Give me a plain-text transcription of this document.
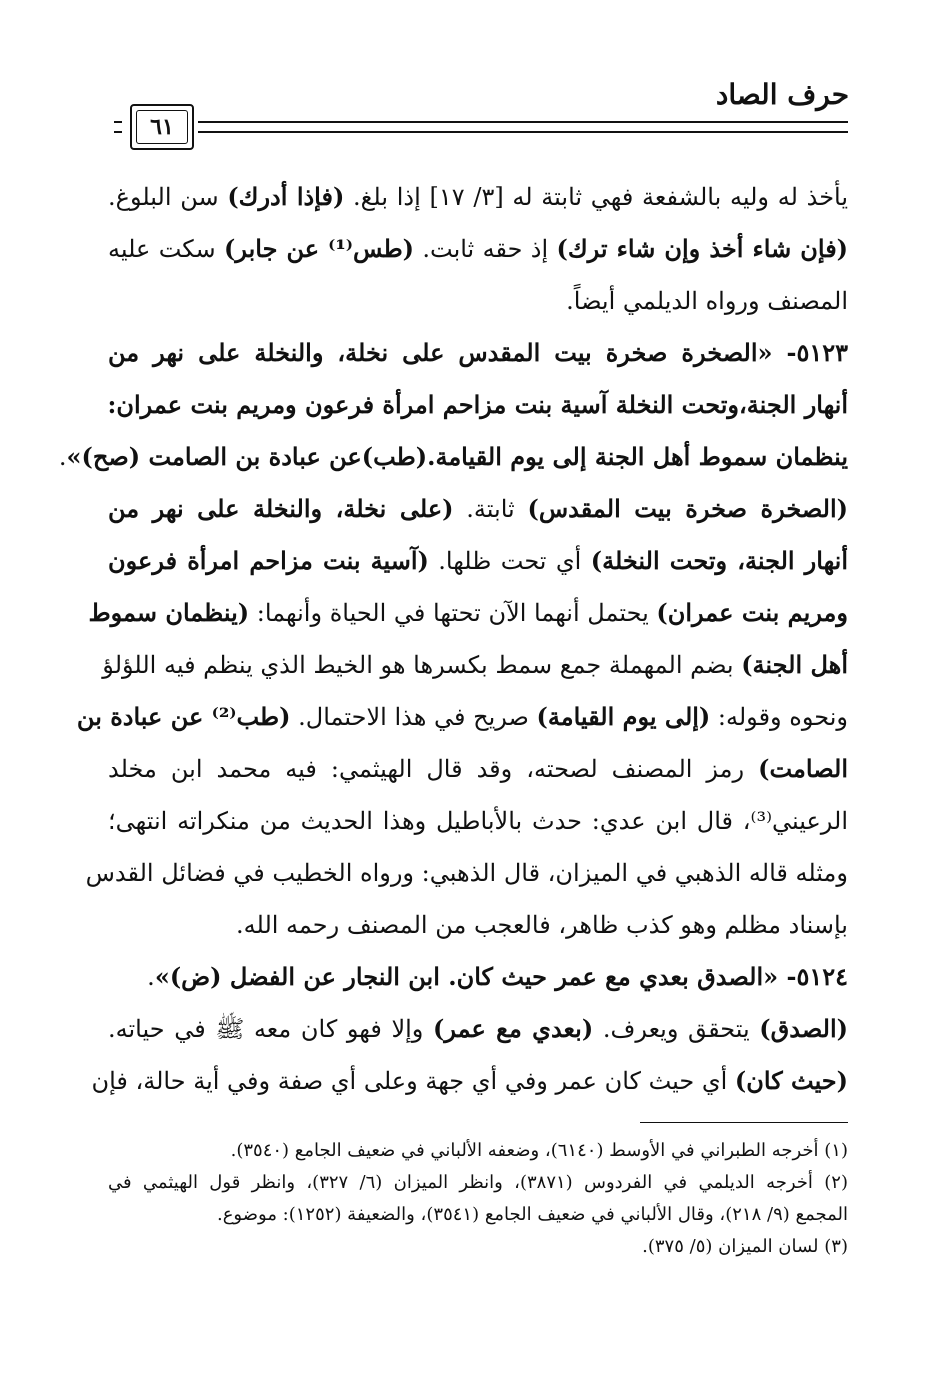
حرف الصاد
٦١
يأخذ له وليه بالشفعة فهي ثابتة له [٣/ ١٧] إذا بلغ. (فإذا أدرك) سن البلوغ.
(فإن شاء أخذ وإن شاء ترك) إذ حقه ثابت. (طس⁽¹⁾ عن جابر) سكت عليه
المصنف ورواه الديلمي أيضاً.
٥١٢٣- «الصخرة صخرة بيت المقدس على نخلة، والنخلة على نهر من
أنهار الجنة،وتحت النخلة آسية بنت مزاحم امرأة فرعون ومريم بنت عمران:
ينظمان سموط أهل الجنة إلى يوم القيامة.(طب)عن عبادة بن الصامت (صح)».
(الصخرة صخرة بيت المقدس) ثابتة. (على نخلة، والنخلة على نهر من
أنهار الجنة، وتحت النخلة) أي تحت ظلها. (آسية بنت مزاحم امرأة فرعون
ومريم بنت عمران) يحتمل أنهما الآن تحتها في الحياة وأنهما: (ينظمان سموط
أهل الجنة) بضم المهملة جمع سمط بكسرها هو الخيط الذي ينظم فيه اللؤلؤ
ونحوه وقوله: (إلى يوم القيامة) صريح في هذا الاحتمال. (طب⁽²⁾ عن عبادة بن
الصامت) رمز المصنف لصحته، وقد قال الهيثمي: فيه محمد ابن مخلد
الرعيني⁽³⁾، قال ابن عدي: حدث بالأباطيل وهذا الحديث من منكراته انتهى؛
ومثله قاله الذهبي في الميزان، قال الذهبي: ورواه الخطيب في فضائل القدس
بإسناد مظلم وهو كذب ظاهر، فالعجب من المصنف رحمه الله.
٥١٢٤- «الصدق بعدي مع عمر حيث كان. ابن النجار عن الفضل (ض)».
(الصدق) يتحقق ويعرف. (بعدي مع عمر) وإلا فهو كان معه ﷺ في حياته.
(حيث كان) أي حيث كان عمر وفي أي جهة وعلى أي صفة وفي أية حالة، فإن
(١) أخرجه الطبراني في الأوسط (٦١٤٠)، وضعفه الألباني في ضعيف الجامع (٣٥٤٠).
(٢) أخرجه الديلمي في الفردوس (٣٨٧١)، وانظر الميزان (٦/ ٣٢٧)، وانظر قول الهيثمي في
المجمع (٩/ ٢١٨)، وقال الألباني في ضعيف الجامع (٣٥٤١)، والضعيفة (١٢٥٢): موضوع.
(٣) لسان الميزان (٥/ ٣٧٥).
